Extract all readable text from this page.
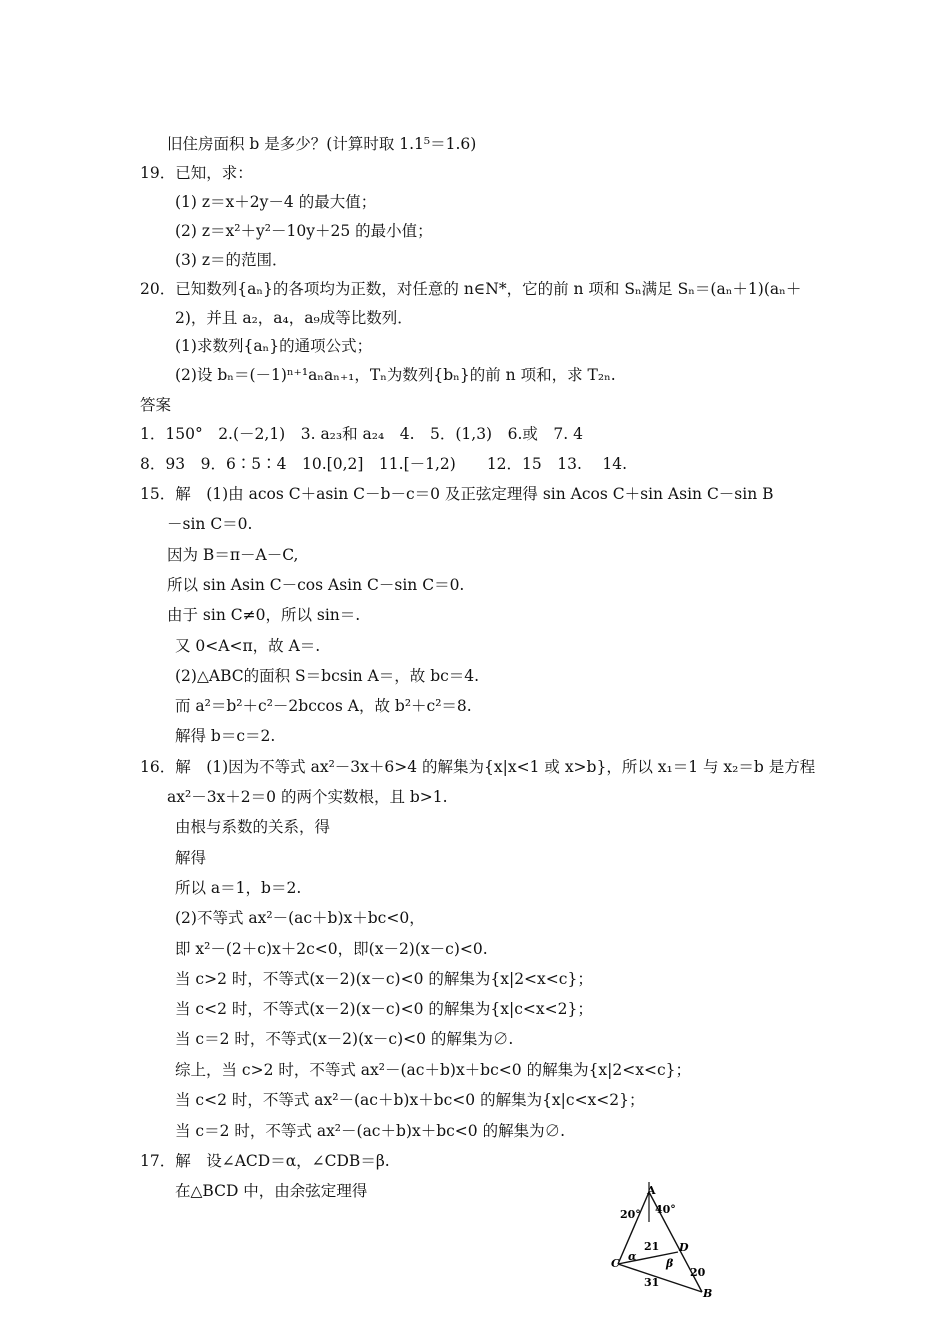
旧住房面积 b 是多少？(计算时取 1.1⁵＝1.6)
19．已知，求：
(1) z＝x＋2y－4 的最大值；
(2) z＝x²＋y²－10y＋25 的最小值；
(3) z＝的范围．
20．已知数列{aₙ}的各项均为正数，对任意的 n∈N*，它的前 n 项和 Sₙ满足 Sₙ＝(aₙ＋1)(aₙ＋
2)，并且 a₂，a₄，a₉成等比数列．
(1)求数列{aₙ}的通项公式；
(2)设 bₙ＝(－1)ⁿ⁺¹aₙaₙ₊₁，Tₙ为数列{bₙ}的前 n 项和，求 T₂ₙ.
答案
1．150°　2.(－2,1)　3. a₂₃和 a₂₄　4.　5．(1,3)　6.或　7. 4
8．93　9．6∶5∶4　10.[0,2]　11.[－1,2)　　12．15　13.　 14.
15．解　(1)由 acos C＋asin C－b－c＝0 及正弦定理得 sin Acos C＋sin Asin C－sin B
－sin C＝0.
因为 B＝π－A－C,
所以 sin Asin C－cos Asin C－sin C＝0.
由于 sin C≠0，所以 sin＝.
又 0<A<π，故 A＝.
(2)△ABC的面积 S＝bcsin A＝，故 bc＝4.
而 a²＝b²＋c²－2bccos A，故 b²＋c²＝8.
解得 b＝c＝2.
16．解　(1)因为不等式 ax²－3x＋6>4 的解集为{x|x<1 或 x>b}，所以 x₁＝1 与 x₂＝b 是方程
ax²－3x＋2＝0 的两个实数根，且 b>1.
由根与系数的关系，得
解得
所以 a＝1，b＝2.
(2)不等式 ax²－(ac＋b)x＋bc<0，
即 x²－(2＋c)x＋2c<0，即(x－2)(x－c)<0.
当 c>2 时，不等式(x－2)(x－c)<0 的解集为{x|2<x<c}；
当 c<2 时，不等式(x－2)(x－c)<0 的解集为{x|c<x<2}；
当 c＝2 时，不等式(x－2)(x－c)<0 的解集为∅.
综上，当 c>2 时，不等式 ax²－(ac＋b)x＋bc<0 的解集为{x|2<x<c}；
当 c<2 时，不等式 ax²－(ac＋b)x＋bc<0 的解集为{x|c<x<2}；
当 c＝2 时，不等式 ax²－(ac＋b)x＋bc<0 的解集为∅.
17．解　设∠ACD＝α，∠CDB＝β.
在△BCD 中，由余弦定理得	A
20° 40°
α
21 D
β
C
20
31
B
